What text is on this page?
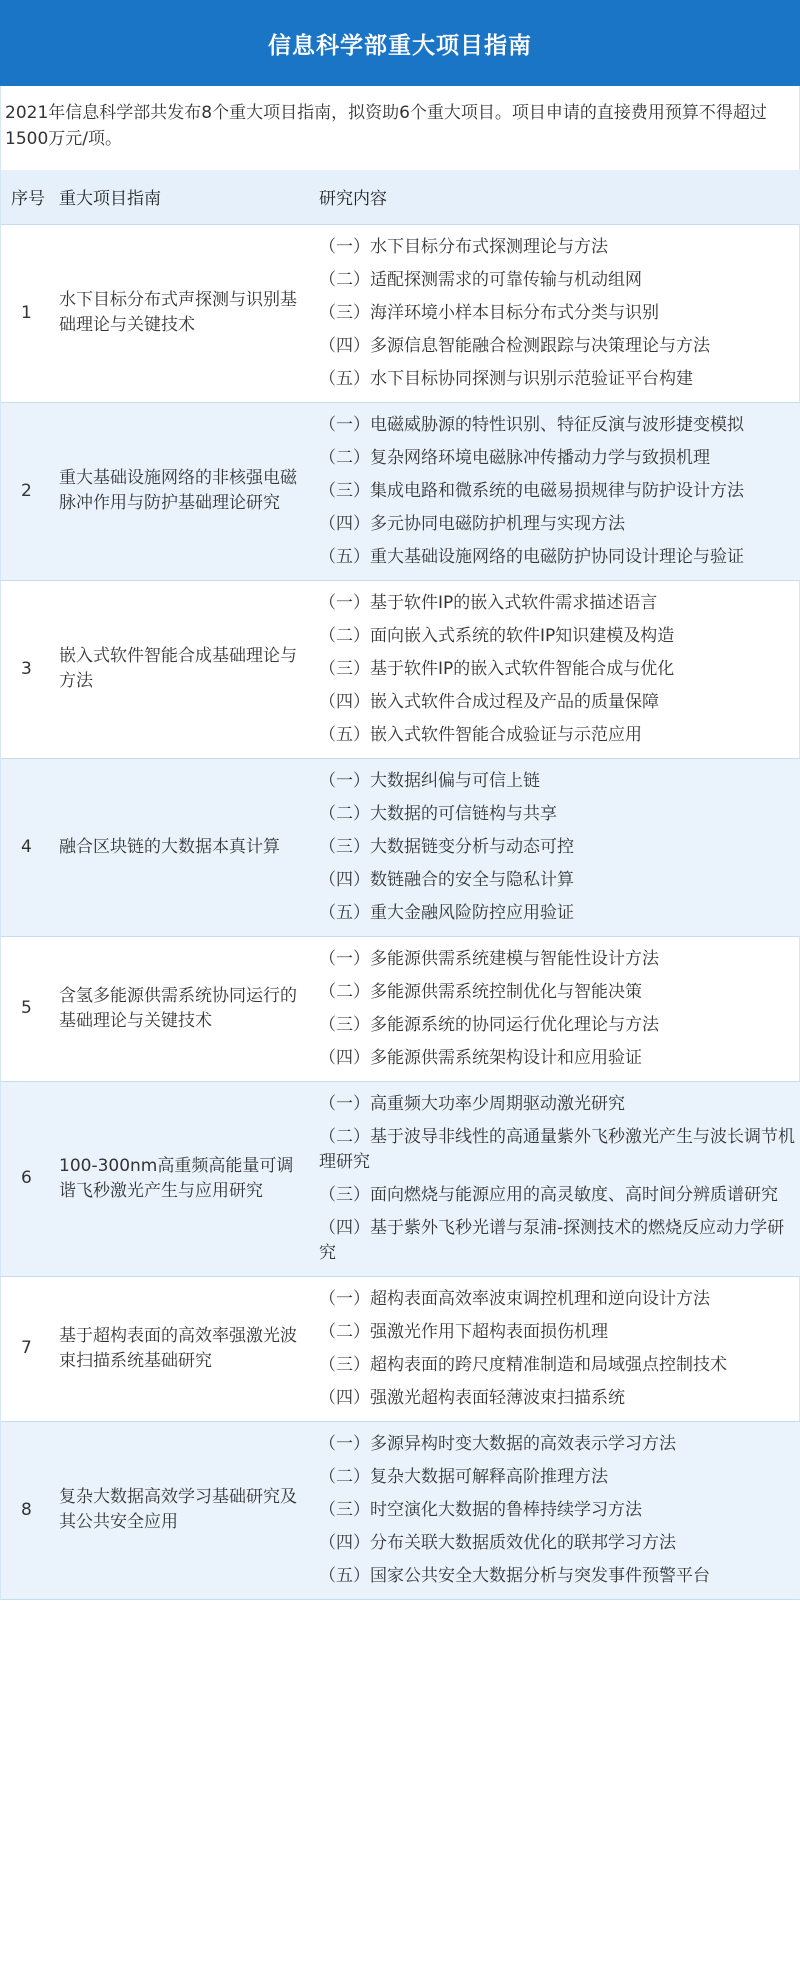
信息科学部重大项目指南
2021年信息科学部共发布8个重大项目指南，拟资助6个重大项目。项目申请的直接费用预算不得超过1500万元/项。
序号	重大项目指南	研究内容
1	水下目标分布式声探测与识别基础理论与关键技术	（一）水下目标分布式探测理论与方法
（二）适配探测需求的可靠传输与机动组网
（三）海洋环境小样本目标分布式分类与识别
（四）多源信息智能融合检测跟踪与决策理论与方法
（五）水下目标协同探测与识别示范验证平台构建

2	重大基础设施网络的非核强电磁脉冲作用与防护基础理论研究	（一）电磁威胁源的特性识别、特征反演与波形捷变模拟
（二）复杂网络环境电磁脉冲传播动力学与致损机理
（三）集成电路和微系统的电磁易损规律与防护设计方法
（四）多元协同电磁防护机理与实现方法
（五）重大基础设施网络的电磁防护协同设计理论与验证

3	嵌入式软件智能合成基础理论与方法	（一）基于软件IP的嵌入式软件需求描述语言
（二）面向嵌入式系统的软件IP知识建模及构造
（三）基于软件IP的嵌入式软件智能合成与优化
（四）嵌入式软件合成过程及产品的质量保障
（五）嵌入式软件智能合成验证与示范应用

4	融合区块链的大数据本真计算	（一）大数据纠偏与可信上链
（二）大数据的可信链构与共享
（三）大数据链变分析与动态可控
（四）数链融合的安全与隐私计算
（五）重大金融风险防控应用验证

5	含氢多能源供需系统协同运行的基础理论与关键技术	（一）多能源供需系统建模与智能性设计方法
（二）多能源供需系统控制优化与智能决策
（三）多能源系统的协同运行优化理论与方法
（四）多能源供需系统架构设计和应用验证

6	100-300nm高重频高能量可调谐飞秒激光产生与应用研究	（一）高重频大功率少周期驱动激光研究
（二）基于波导非线性的高通量紫外飞秒激光产生与波长调节机理研究
（三）面向燃烧与能源应用的高灵敏度、高时间分辨质谱研究
（四）基于紫外飞秒光谱与泵浦-探测技术的燃烧反应动力学研究

7	基于超构表面的高效率强激光波束扫描系统基础研究	（一）超构表面高效率波束调控机理和逆向设计方法
（二）强激光作用下超构表面损伤机理
（三）超构表面的跨尺度精准制造和局域强点控制技术
（四）强激光超构表面轻薄波束扫描系统

8	复杂大数据高效学习基础研究及其公共安全应用	（一）多源异构时变大数据的高效表示学习方法
（二）复杂大数据可解释高阶推理方法
（三）时空演化大数据的鲁棒持续学习方法
（四）分布关联大数据质效优化的联邦学习方法
（五）国家公共安全大数据分析与突发事件预警平台
